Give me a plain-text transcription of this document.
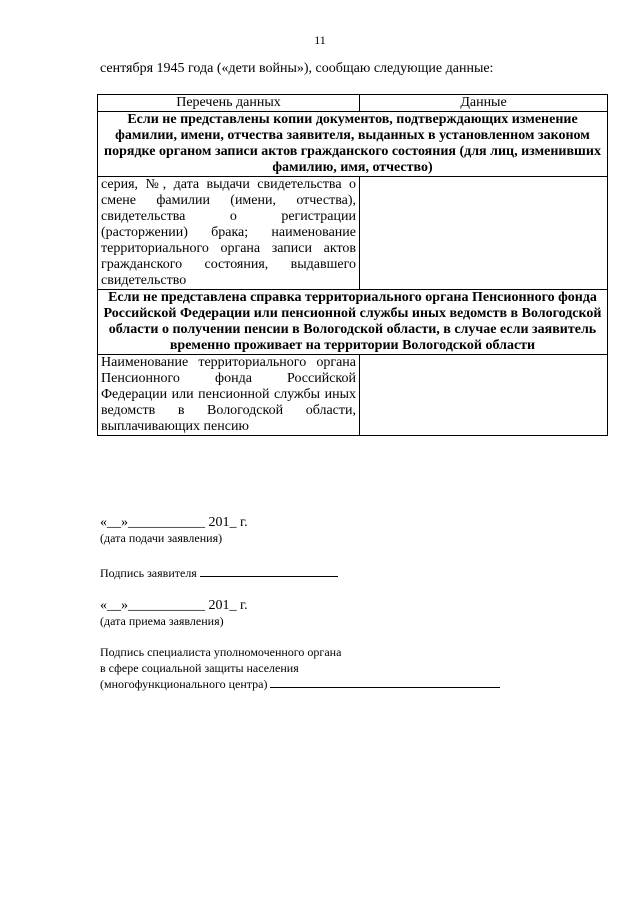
11
сентября 1945 года («дети войны»), сообщаю следующие данные:
Перечень данных	Данные
Если не представлены копии документов, подтверждающих изменение фамилии, имени, отчества заявителя, выданных в установленном законом порядке органом записи актов гражданского состояния (для лиц, изменивших фамилию, имя, отчество)	
серия, №, дата выдачи свидетельства о смене фамилии (имени, отчества), свидетельства о регистрации (расторжении) брака; наименование территориального органа записи актов гражданского состояния, выдавшего свидетельство	
Если не представлена справка территориального органа Пенсионного фонда Российской Федерации или пенсионной службы иных ведомств в Вологодской области о получении пенсии в Вологодской области, в случае если заявитель временно проживает на территории Вологодской области	
Наименование территориального органа Пенсионного фонда Российской Федерации или пенсионной службы иных ведомств в Вологодской области, выплачивающих пенсию	
«__»___________ 201_ г.
(дата подачи заявления)
Подпись заявителя
«__»___________ 201_ г.
(дата приема заявления)
Подпись специалиста уполномоченного органа
в сфере социальной защиты населения
(многофункционального центра)
